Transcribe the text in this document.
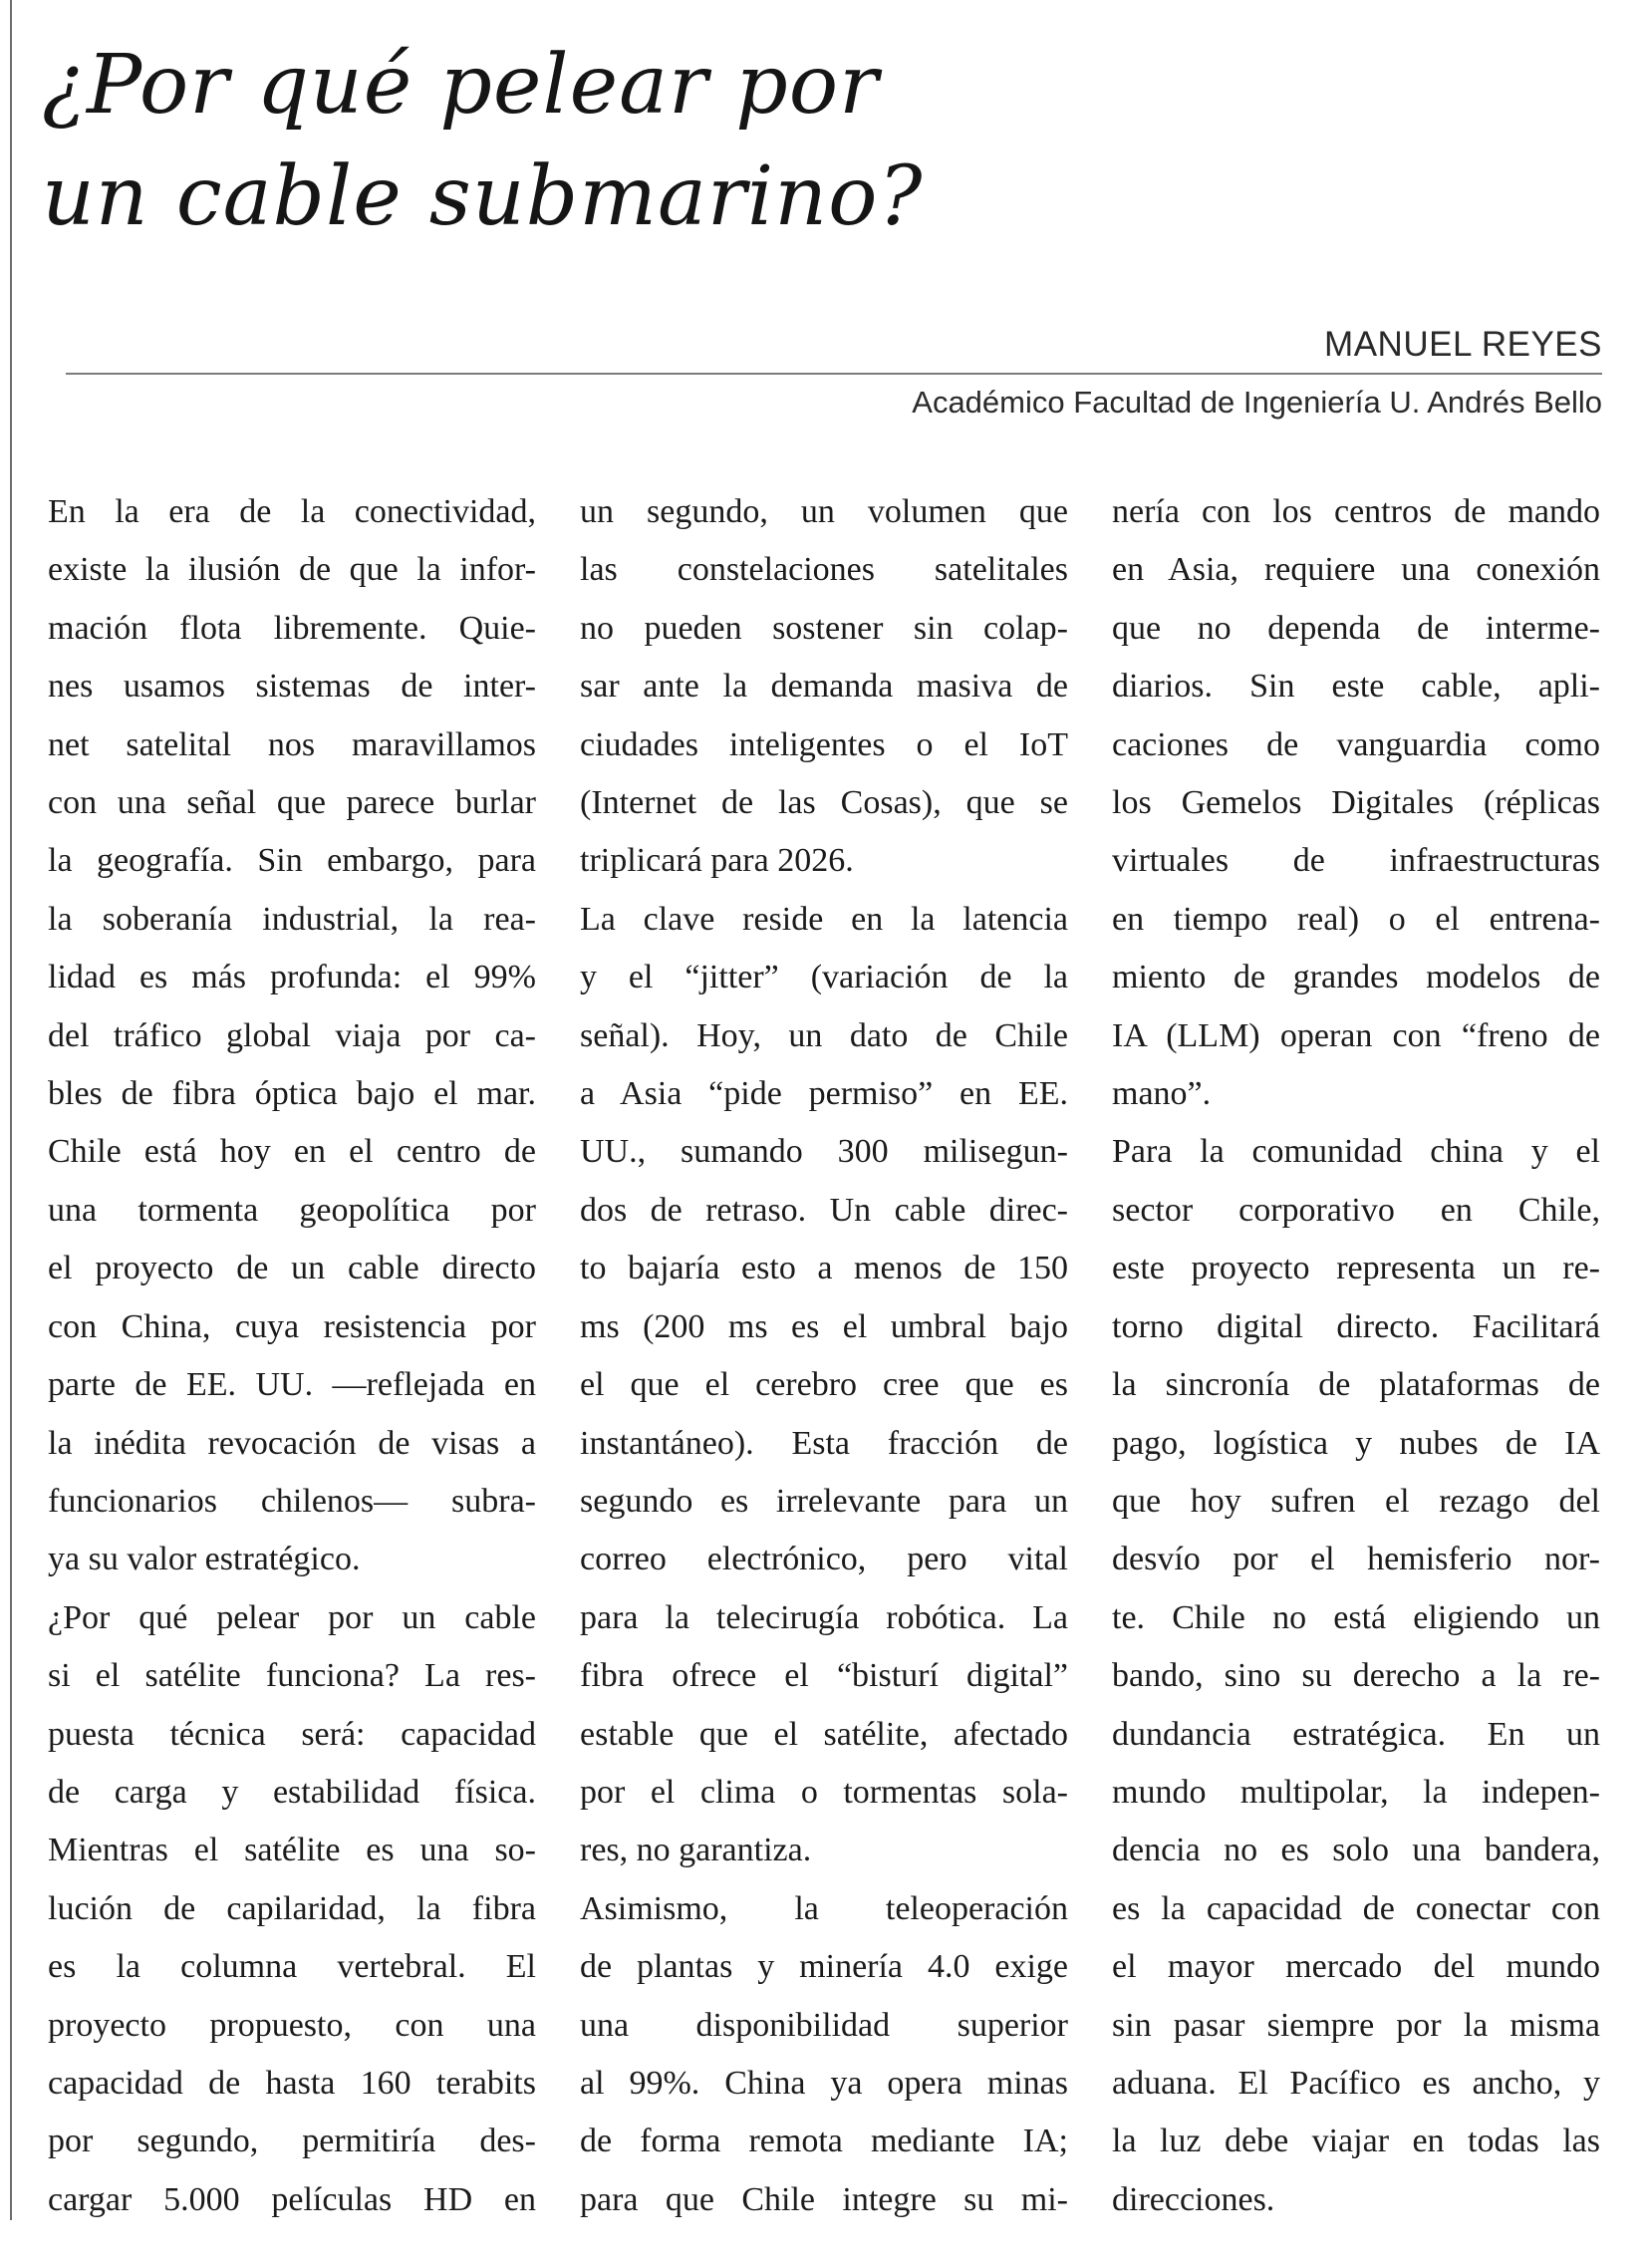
¿Por qué pelear por
un cable submarino?
MANUEL REYES
Académico Facultad de Ingeniería U. Andrés Bello
En la era de la conectividad,
existe la ilusión de que la infor-
mación flota libremente. Quie-
nes usamos sistemas de inter-
net satelital nos maravillamos
con una señal que parece burlar
la geografía. Sin embargo, para
la soberanía industrial, la rea-
lidad es más profunda: el 99%
del tráfico global viaja por ca-
bles de fibra óptica bajo el mar.
Chile está hoy en el centro de
una tormenta geopolítica por
el proyecto de un cable directo
con China, cuya resistencia por
parte de EE. UU. —reflejada en
la inédita revocación de visas a
funcionarios chilenos— subra-
ya su valor estratégico.
¿Por qué pelear por un cable
si el satélite funciona? La res-
puesta técnica será: capacidad
de carga y estabilidad física.
Mientras el satélite es una so-
lución de capilaridad, la fibra
es la columna vertebral. El
proyecto propuesto, con una
capacidad de hasta 160 terabits
por segundo, permitiría des-
cargar 5.000 películas HD en
un segundo, un volumen que
las constelaciones satelitales
no pueden sostener sin colap-
sar ante la demanda masiva de
ciudades inteligentes o el IoT
(Internet de las Cosas), que se
triplicará para 2026.
La clave reside en la latencia
y el “jitter” (variación de la
señal). Hoy, un dato de Chile
a Asia “pide permiso” en EE.
UU., sumando 300 milisegun-
dos de retraso. Un cable direc-
to bajaría esto a menos de 150
ms (200 ms es el umbral bajo
el que el cerebro cree que es
instantáneo). Esta fracción de
segundo es irrelevante para un
correo electrónico, pero vital
para la telecirugía robótica. La
fibra ofrece el “bisturí digital”
estable que el satélite, afectado
por el clima o tormentas sola-
res, no garantiza.
Asimismo, la teleoperación
de plantas y minería 4.0 exige
una disponibilidad superior
al 99%. China ya opera minas
de forma remota mediante IA;
para que Chile integre su mi-
nería con los centros de mando
en Asia, requiere una conexión
que no dependa de interme-
diarios. Sin este cable, apli-
caciones de vanguardia como
los Gemelos Digitales (réplicas
virtuales de infraestructuras
en tiempo real) o el entrena-
miento de grandes modelos de
IA (LLM) operan con “freno de
mano”.
Para la comunidad china y el
sector corporativo en Chile,
este proyecto representa un re-
torno digital directo. Facilitará
la sincronía de plataformas de
pago, logística y nubes de IA
que hoy sufren el rezago del
desvío por el hemisferio nor-
te. Chile no está eligiendo un
bando, sino su derecho a la re-
dundancia estratégica. En un
mundo multipolar, la indepen-
dencia no es solo una bandera,
es la capacidad de conectar con
el mayor mercado del mundo
sin pasar siempre por la misma
aduana. El Pacífico es ancho, y
la luz debe viajar en todas las
direcciones.
